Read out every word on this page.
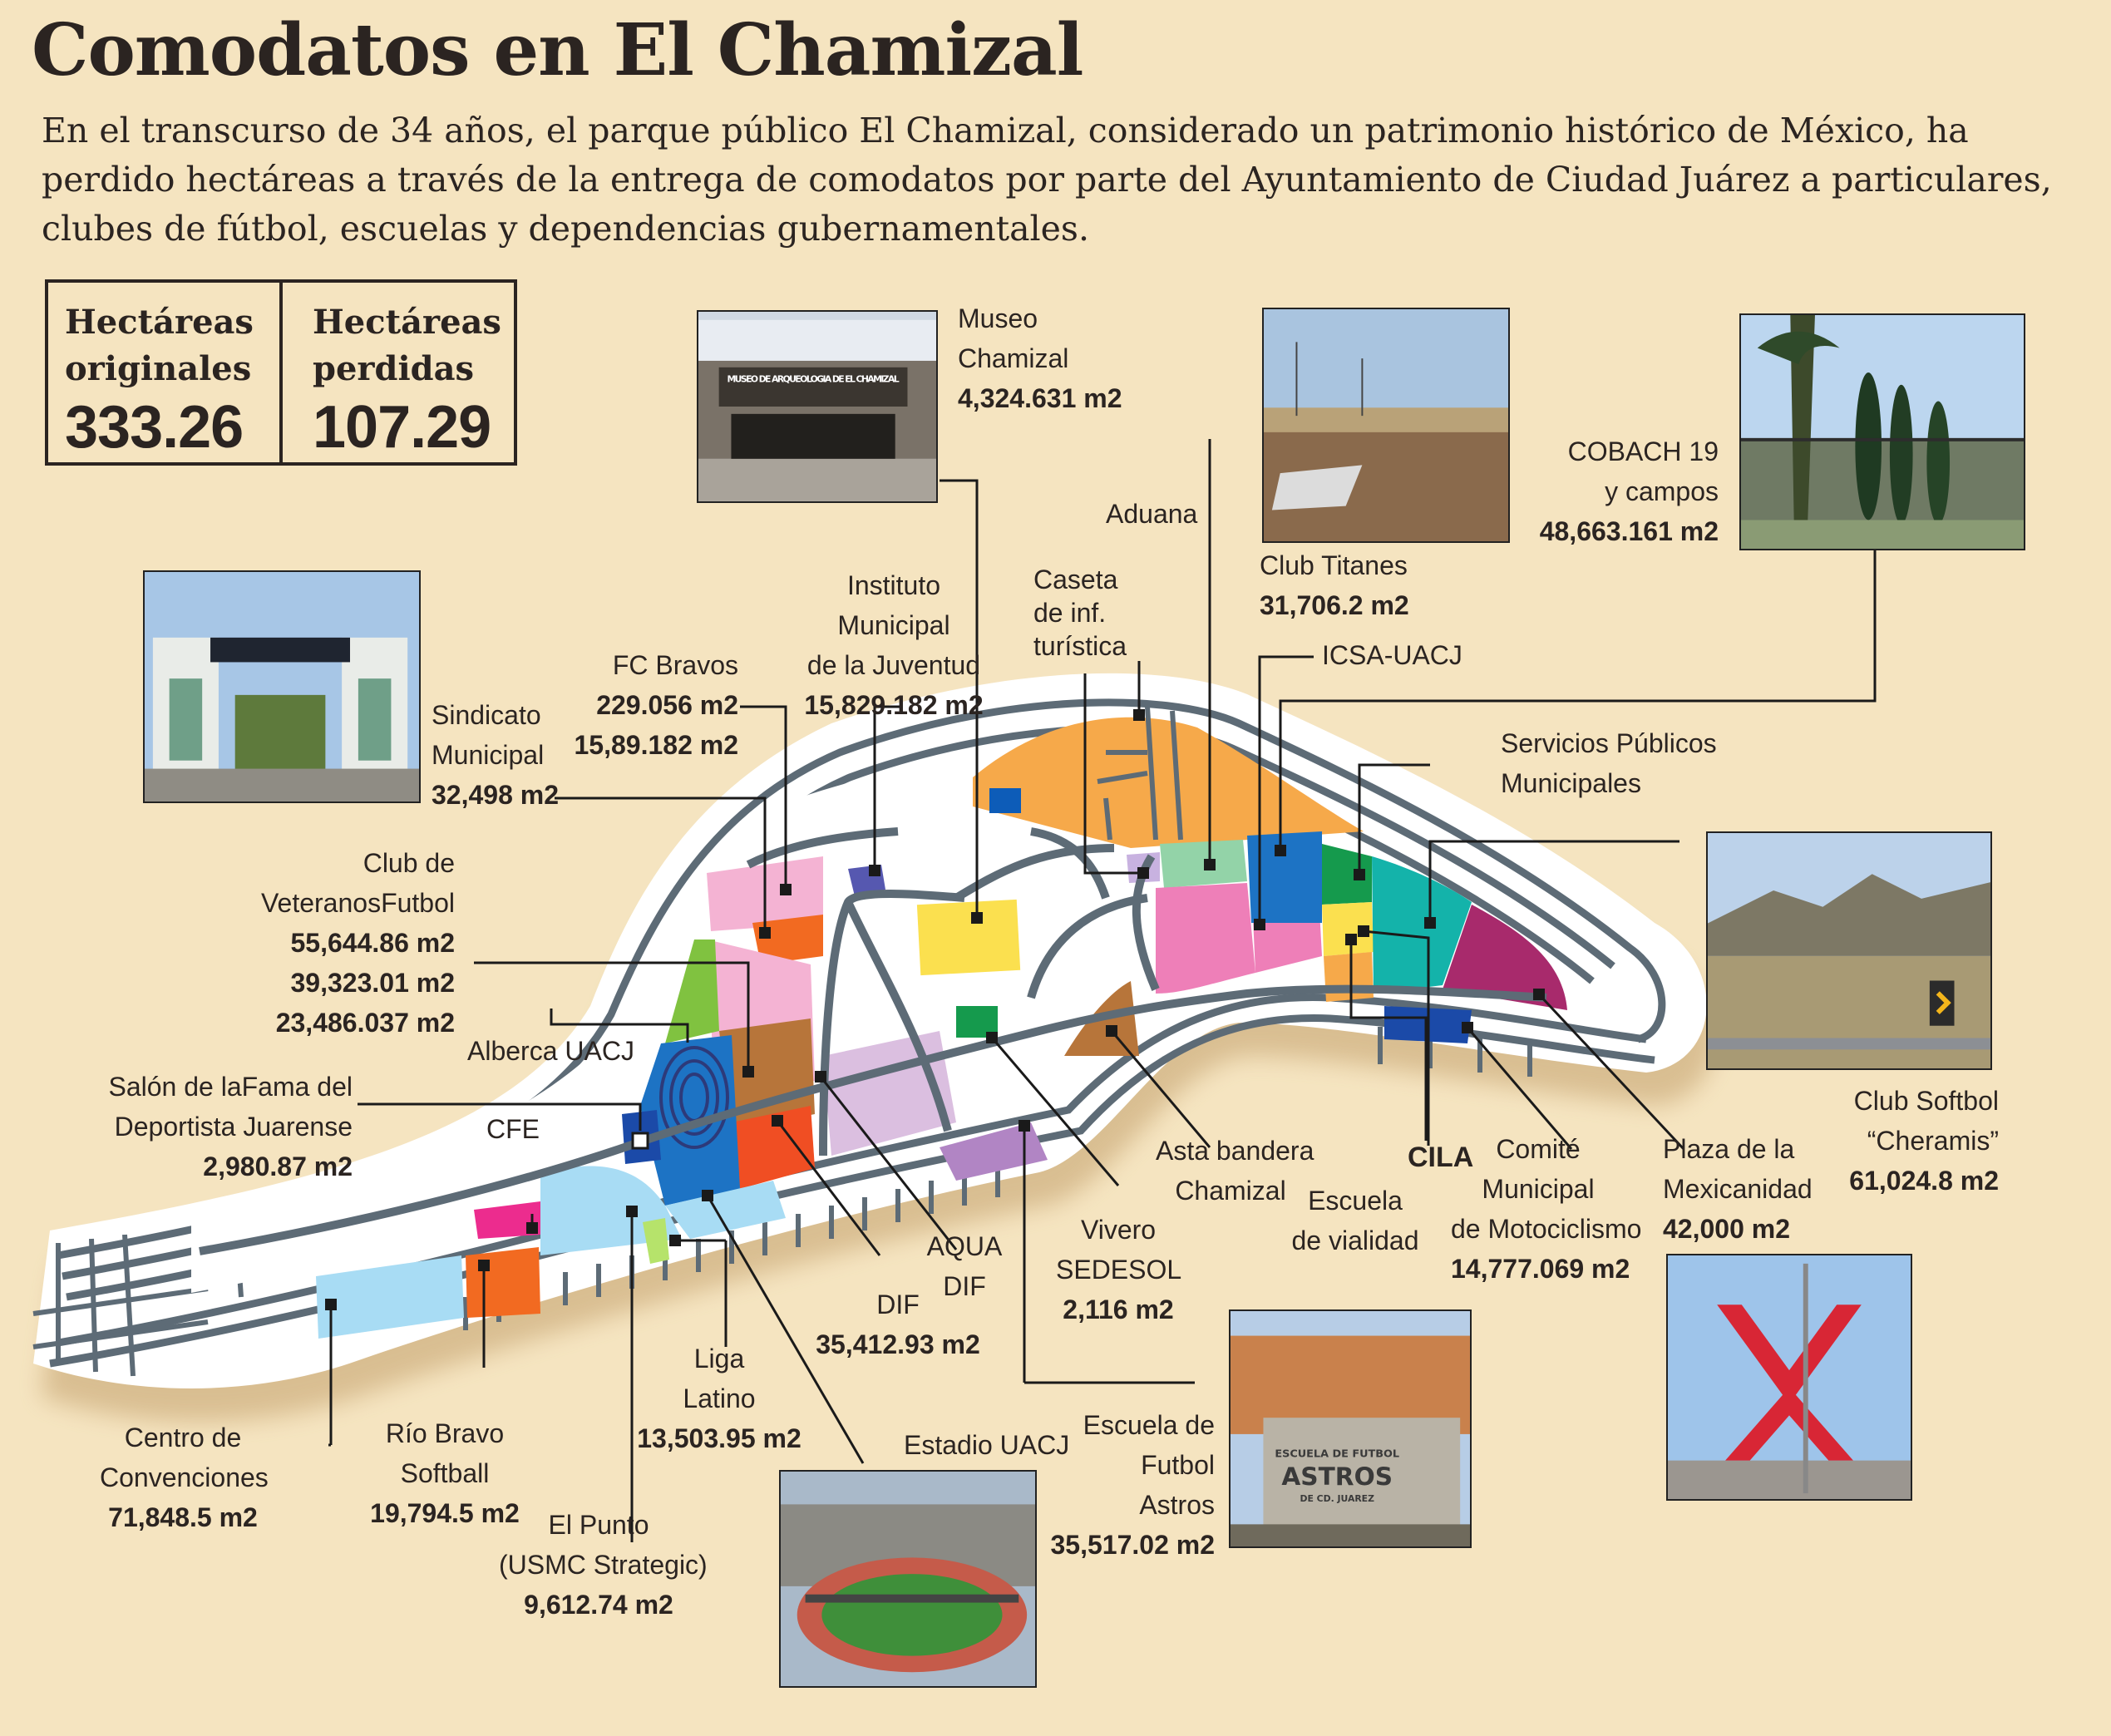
Comodatos en El Chamizal
En el transcurso de 34 años, el parque público El Chamizal, considerado un patrimonio histórico de México, ha perdido hectáreas a través de la entrega de comodatos por parte del Ayuntamiento de Ciudad Juárez a particulares, clubes de fútbol, escuelas y dependencias gubernamentales.
Hectáreas
originales
333.26
Hectáreas
perdidas
107.29
MUSEO DE ARQUEOLOGIA DE EL CHAMIZAL
ESCUELA DE FUTBOL
ASTROS
DE CD. JUAREZ
Museo
Chamizal
4,324.631 m2
Aduana
Club Titanes
31,706.2 m2
COBACH 19
y campos
48,663.161 m2
Caseta
de inf.
turística
Instituto
Municipal
de la Juventud
15,829.182 m2
FC Bravos
229.056 m2
15,89.182 m2
ICSA-UACJ
Servicios Públicos
Municipales
Sindicato
Municipal
32,498 m2
Club de
VeteranosFutbol
55,644.86 m2
39,323.01 m2
23,486.037 m2
Alberca UACJ
Salón de laFama del
Deportista Juarense
2,980.87 m2
CFE
Club Softbol
“Cheramis”
61,024.8 m2
Asta bandera
Chamizal
CILA Comité
Municipal
de Motociclismo
14,777.069 m2
Plaza de la
Mexicanidad
42,000 m2
Escuela
de vialidad
Vivero
SEDESOL
2,116 m2
AQUA
DIF
DIF
35,412.93 m2
Liga
Latino
13,503.95 m2
Centro de
Convenciones
71,848.5 m2
Río Bravo
Softball
19,794.5 m2	El Punto
(USMC Strategic)
9,612.74 m2
Estadio UACJ
Escuela de
Futbol
Astros
35,517.02 m2
